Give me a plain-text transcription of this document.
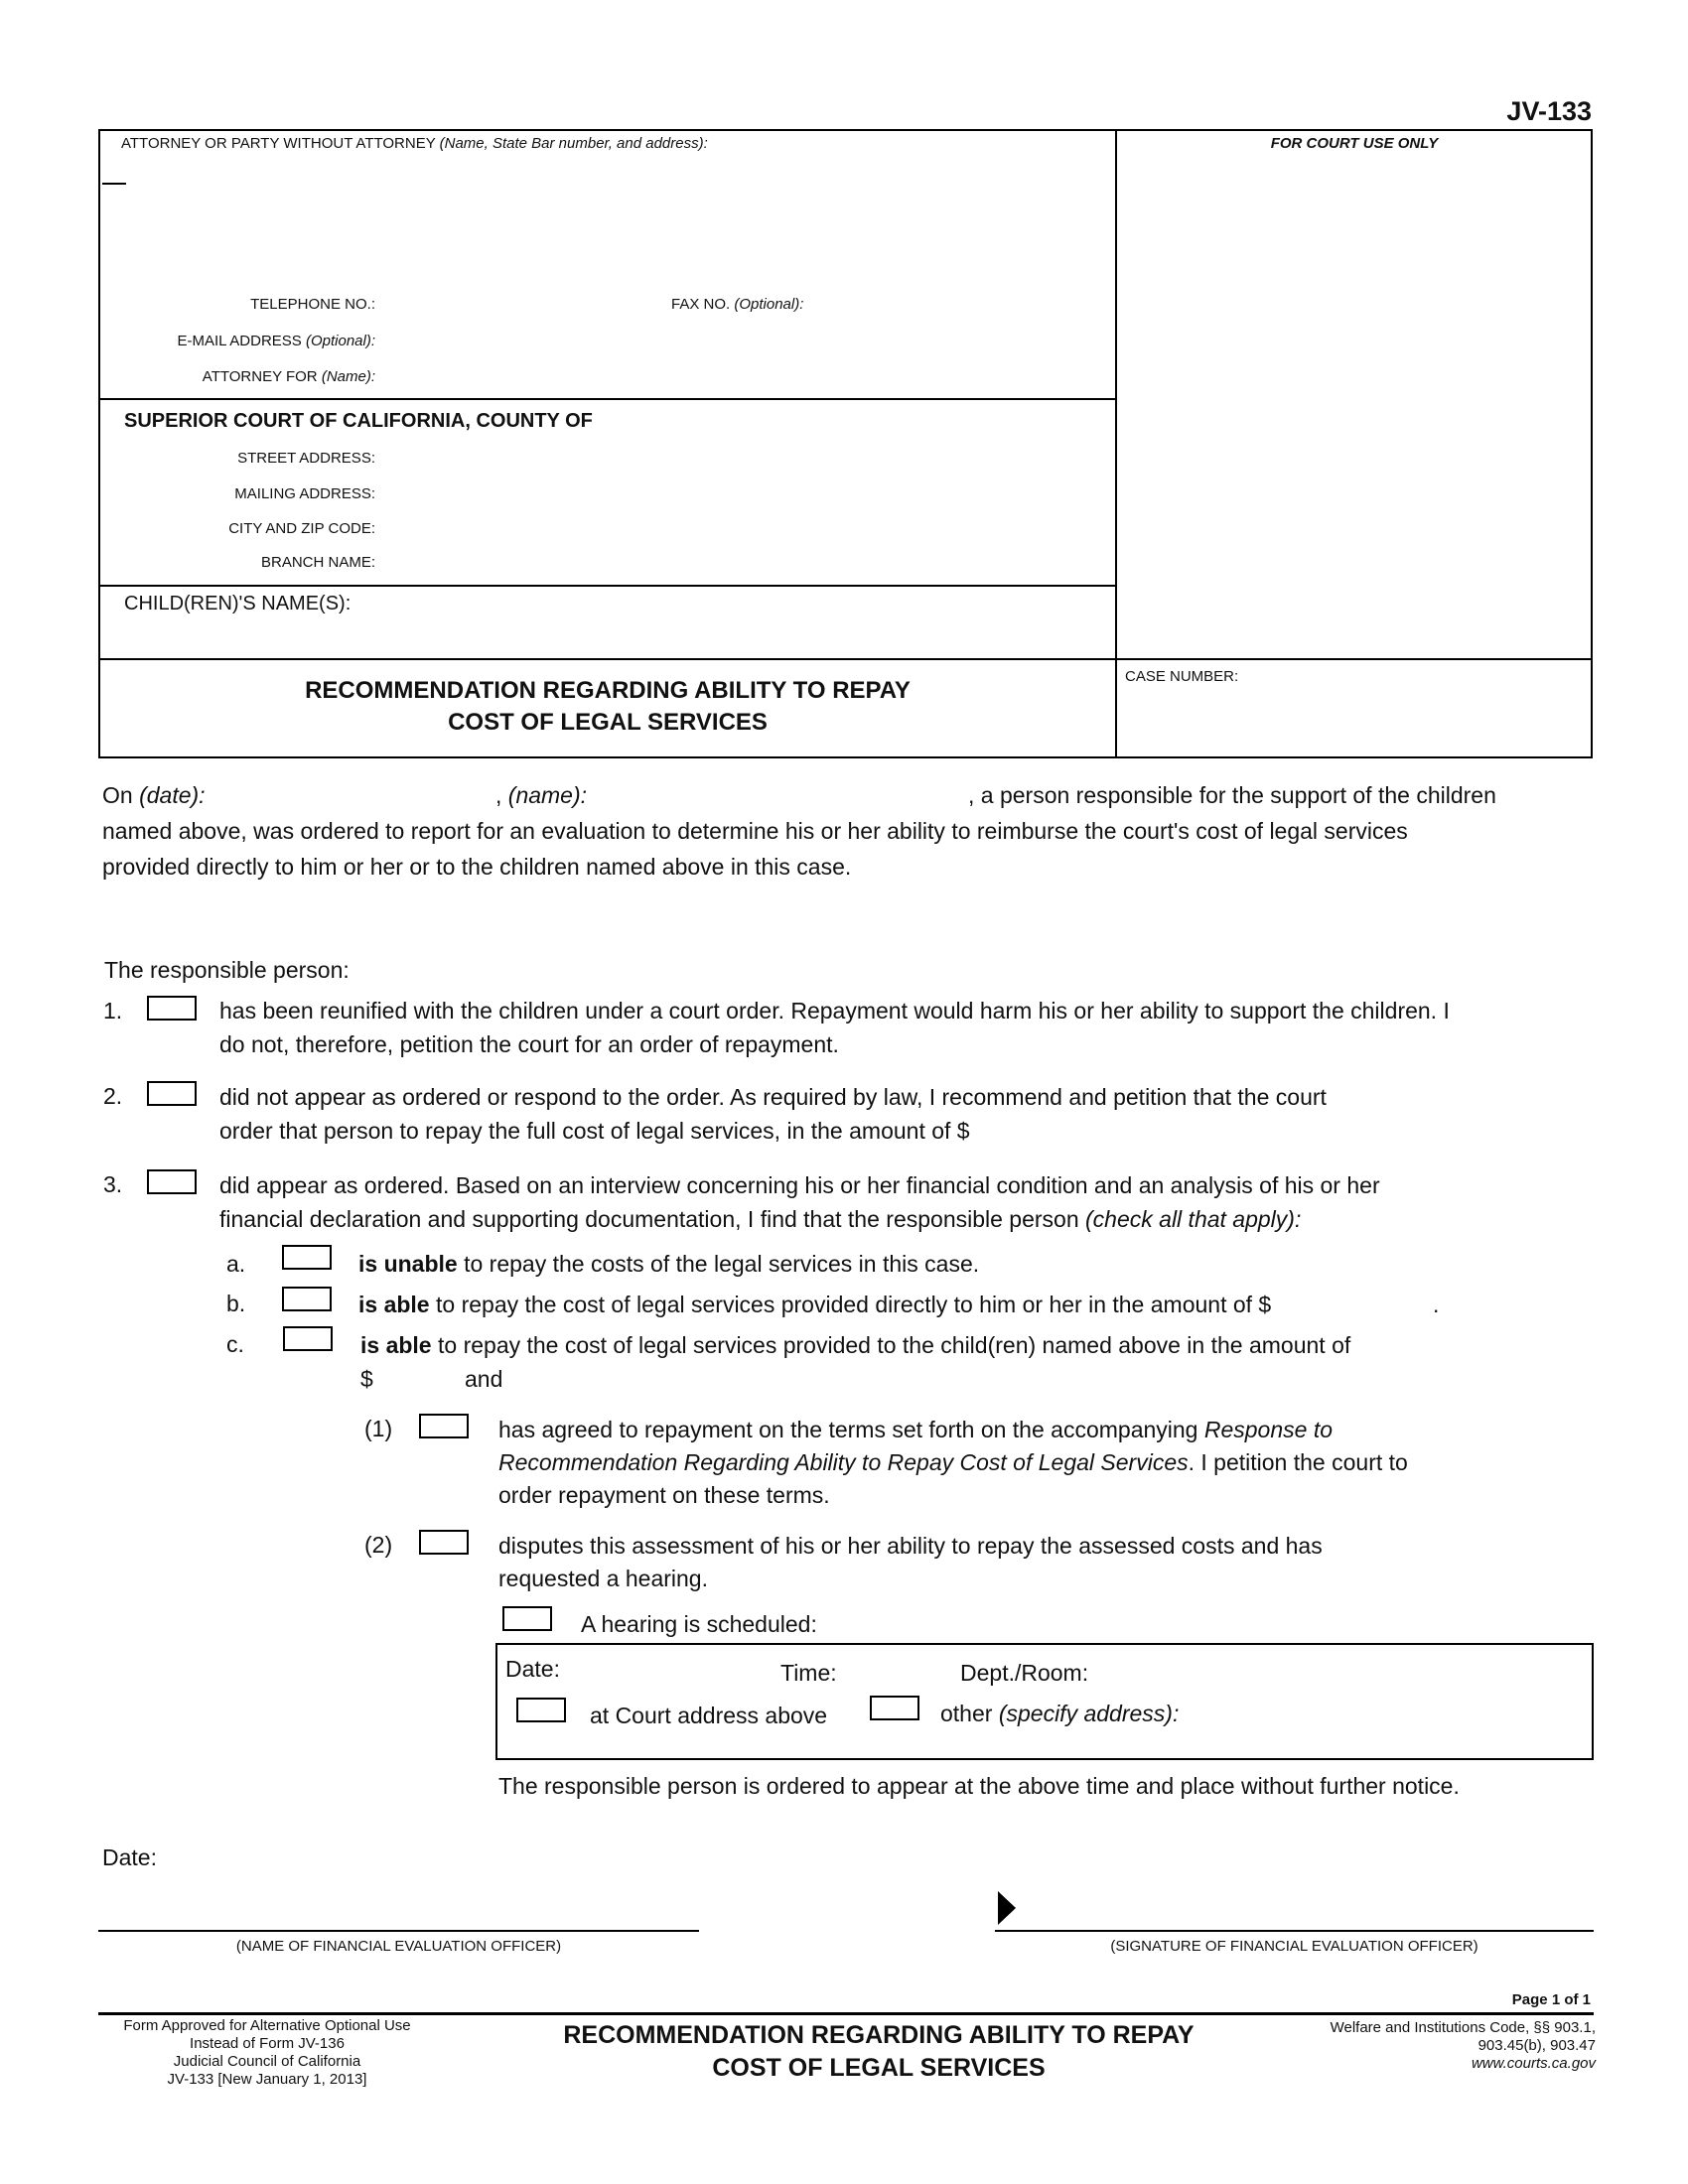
JV-133
ATTORNEY OR PARTY WITHOUT ATTORNEY (Name, State Bar number, and address):
TELEPHONE NO.:	FAX NO. (Optional):
E-MAIL ADDRESS (Optional):
ATTORNEY FOR (Name):
FOR COURT USE ONLY
SUPERIOR COURT OF CALIFORNIA, COUNTY OF
STREET ADDRESS:
MAILING ADDRESS:
CITY AND ZIP CODE:
BRANCH NAME:
CHILD(REN)'S NAME(S):
RECOMMENDATION REGARDING ABILITY TO REPAY
COST OF LEGAL SERVICES
CASE NUMBER:
On (date):	, (name):	, a person responsible for the support of the children
named above, was ordered to report for an evaluation to determine his or her ability to reimburse the court's cost of legal services
provided directly to him or her or to the children named above in this case.
The responsible person:
1.	has been reunified with the children under a court order. Repayment would harm his or her ability to support the children. I
do not, therefore, petition the court for an order of repayment.
2.	did not appear as ordered or respond to the order. As required by law, I recommend and petition that the court
order that person to repay the full cost of legal services, in the amount of $
3.	did appear as ordered. Based on an interview concerning his or her financial condition and an analysis of his or her
financial declaration and supporting documentation, I find that the responsible person (check all that apply):
a.	is unable to repay the costs of the legal services in this case.
b.	is able to repay the cost of legal services provided directly to him or her in the amount of $	.
c.	is able to repay the cost of legal services provided to the child(ren) named above in the amount of
$	and
(1)	has agreed to repayment on the terms set forth on the accompanying Response to
Recommendation Regarding Ability to Repay Cost of Legal Services. I petition the court to
order repayment on these terms.
(2)	disputes this assessment of his or her ability to repay the assessed costs and has
requested a hearing.
A hearing is scheduled:
Date:	Time:	Dept./Room:
at Court address above	other (specify address):
The responsible person is ordered to appear at the above time and place without further notice.
Date:
(NAME OF FINANCIAL EVALUATION OFFICER)	(SIGNATURE OF FINANCIAL EVALUATION OFFICER)
Page 1 of 1
Form Approved for Alternative Optional Use
Instead of Form JV-136
Judicial Council of California
JV-133 [New January 1, 2013]
RECOMMENDATION REGARDING ABILITY TO REPAY
COST OF LEGAL SERVICES
Welfare and Institutions Code, §§ 903.1,
903.45(b), 903.47
www.courts.ca.gov
